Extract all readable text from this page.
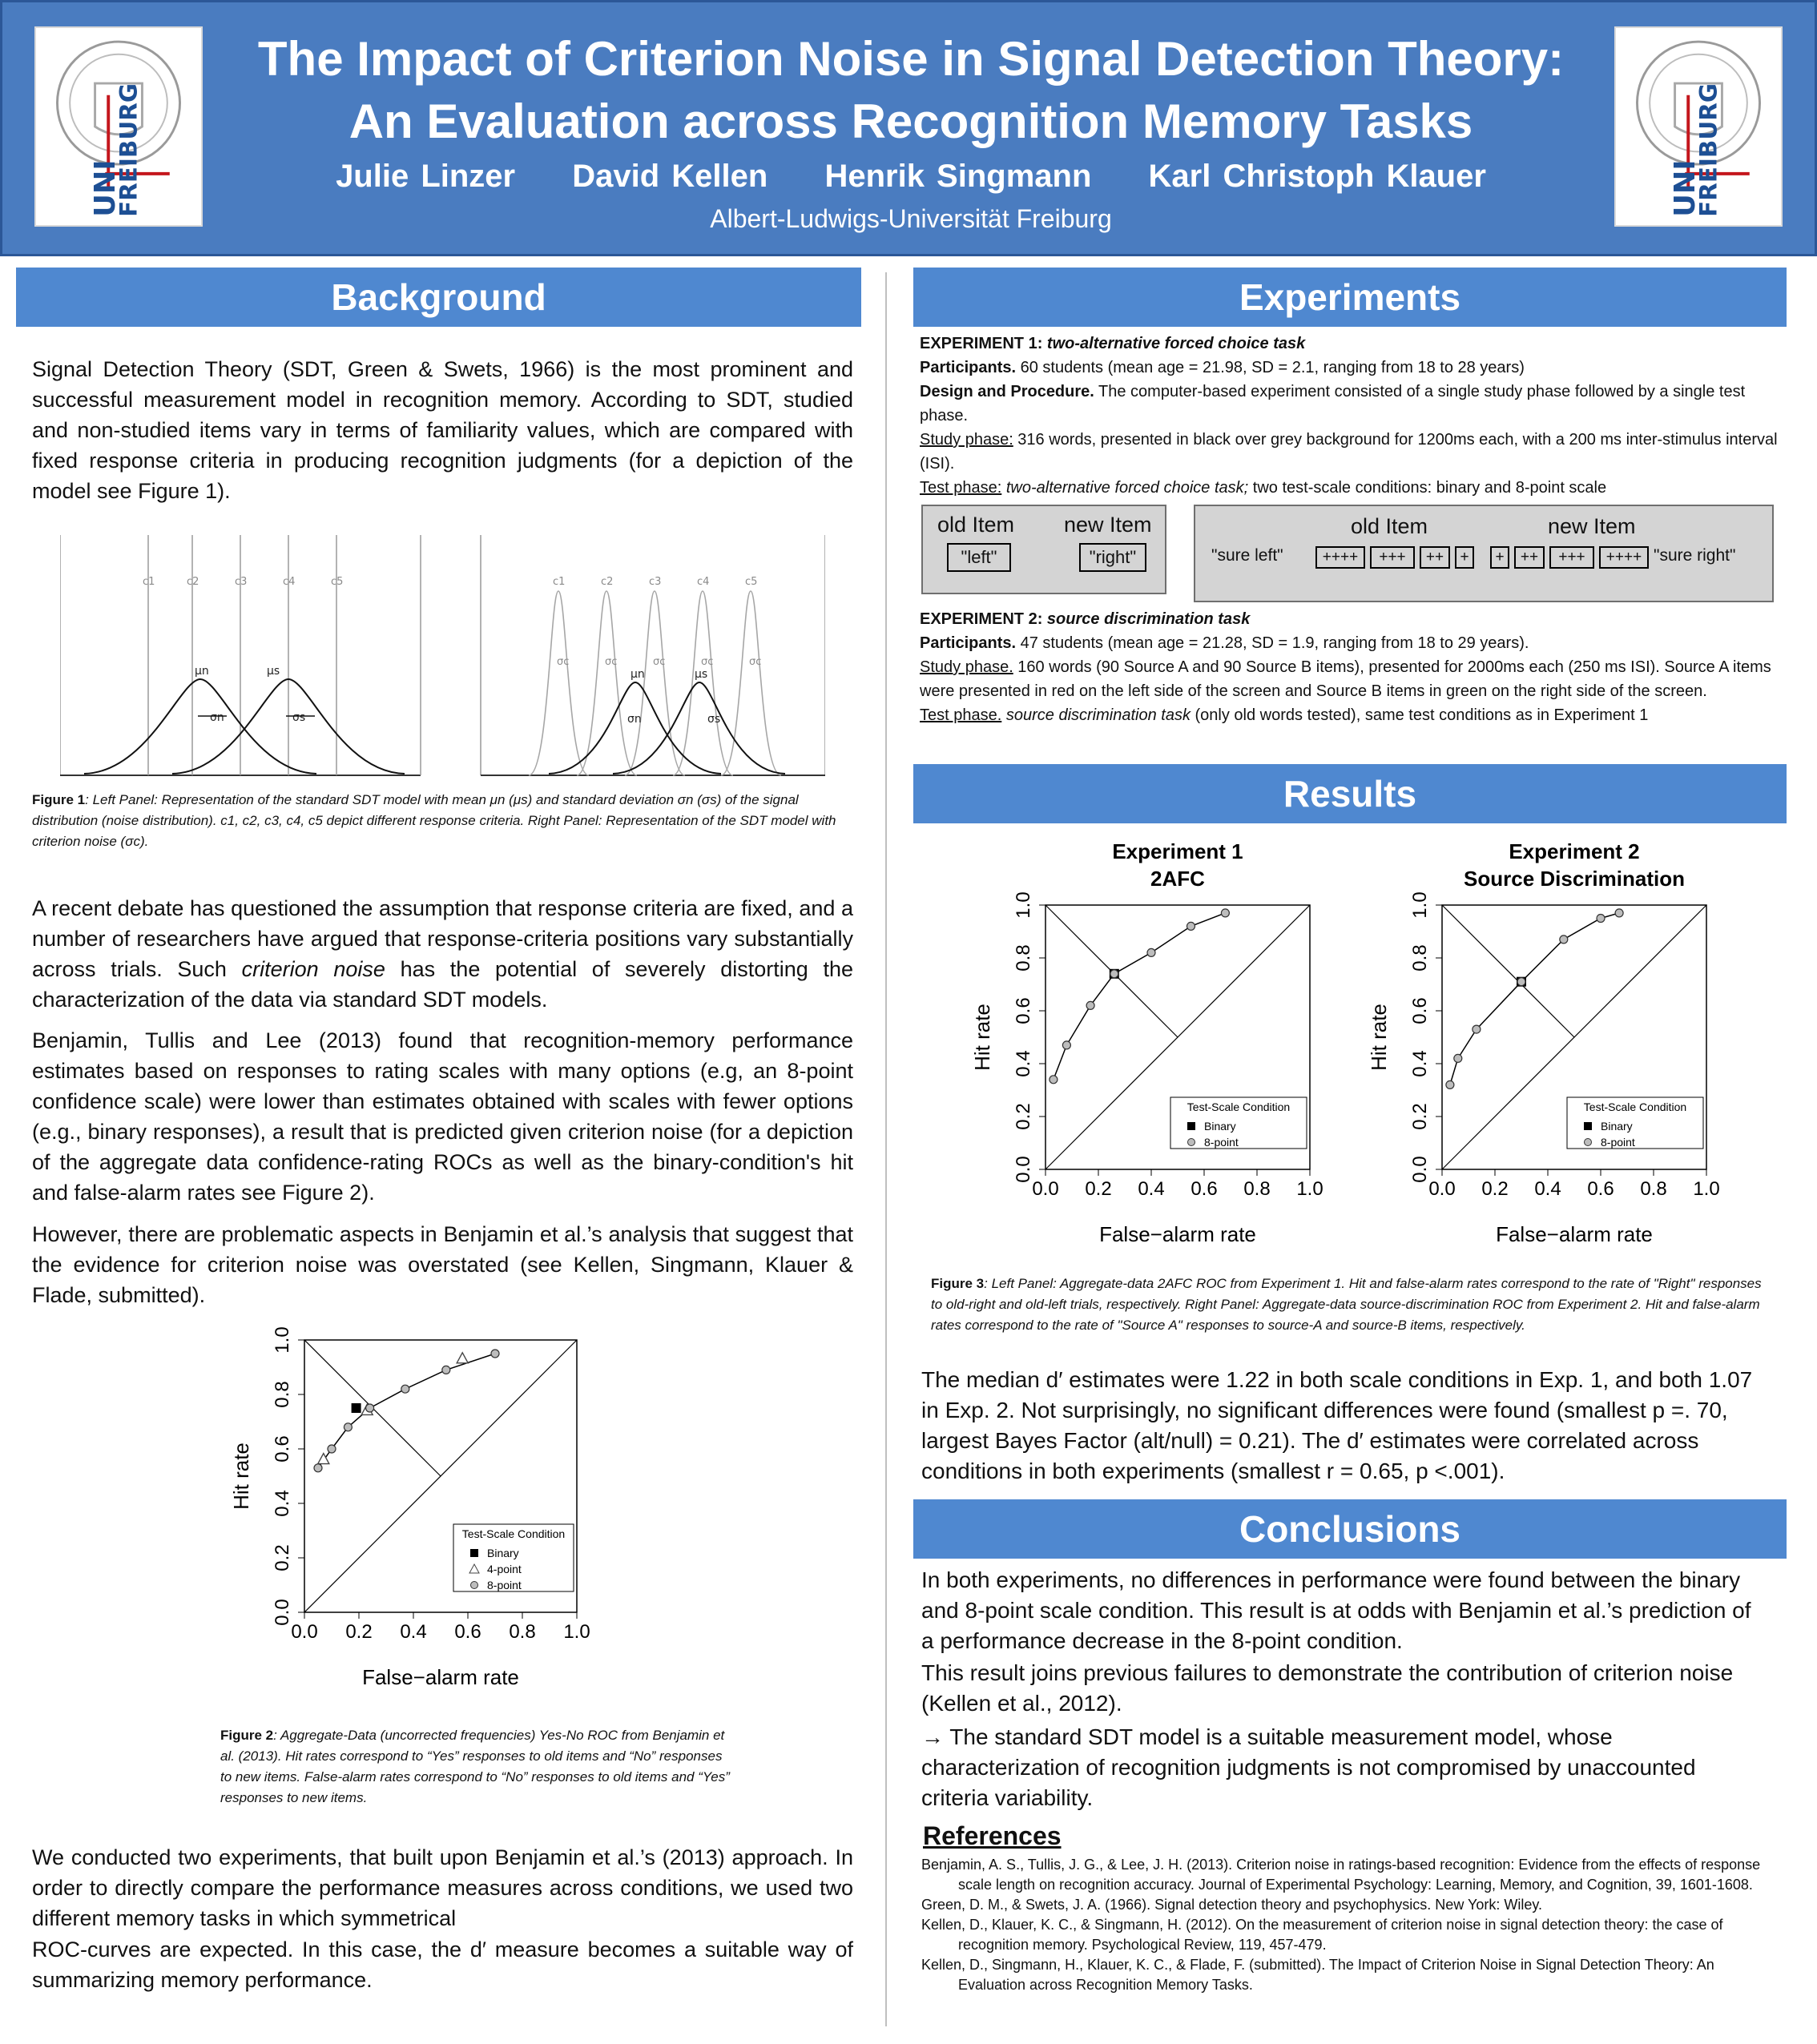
UNI
FREIBURG
The Impact of Criterion Noise in Signal Detection Theory:
An Evaluation across Recognition Memory Tasks
Julie Linzer David Kellen Henrik Singmann Karl Christoph Klauer
Albert-Ludwigs-Universität Freiburg
UNI
FREIBURG
Background
Signal Detection Theory (SDT, Green & Swets, 1966) is the most prominent and successful measurement model in recognition memory. According to SDT, studied and non-studied items vary in terms of familiarity values, which are compared with fixed response criteria in producing recognition judgments (for a depiction of the model see Figure 1).
c1	c2	c3	c4	c5
μn	μs
σn	σs
c1	c2	c3	c4	c5
σc	σc	σc	σc	σc
μn	μs
σn	σs
Figure 1: Left Panel: Representation of the standard SDT model with mean μn (μs) and standard deviation σn (σs) of the signal distribution (noise distribution). c1, c2, c3, c4, c5 depict different response criteria. Right Panel: Representation of the SDT model with criterion noise (σc).
A recent debate has questioned the assumption that response criteria are fixed, and a number of researchers have argued that response-criteria positions vary substantially across trials. Such criterion noise has the potential of severely distorting the characterization of the data via standard SDT models.
Benjamin, Tullis and Lee (2013) found that recognition-memory performance estimates based on responses to rating scales with many options (e.g, an 8-point confidence scale) were lower than estimates obtained with scales with fewer options (e.g., binary responses), a result that is predicted given criterion noise (for a depiction of the aggregate data confidence-rating ROCs as well as the binary-condition's hit and false-alarm rates see Figure 2).
However, there are problematic aspects in Benjamin et al.’s analysis that suggest that the evidence for criterion noise was overstated (see Kellen, Singmann, Klauer & Flade, submitted).
0.0
0.0
0.2
0.2
0.4
0.4
0.6
0.6
0.8
0.8
1.0
1.0
False−alarm rate
Hit rate
Test-Scale Condition
Binary
4-point
8-point
Figure 2: Aggregate-Data (uncorrected frequencies) Yes-No ROC from Benjamin et al. (2013). Hit rates correspond to “Yes” responses to old items and “No” responses to new items. False-alarm rates correspond to “No” responses to old items and “Yes” responses to new items.
We conducted two experiments, that built upon Benjamin et al.’s (2013) approach. In order to directly compare the performance measures across conditions, we used two different memory tasks in which symmetrical
ROC-curves are expected. In this case, the d′ measure becomes a suitable way of summarizing memory performance.
Experiments
EXPERIMENT 1: two-alternative forced choice task
Participants. 60 students (mean age = 21.98, SD = 2.1, ranging from 18 to 28 years)
Design and Procedure. The computer-based experiment consisted of a single study phase followed by a single test phase.
Study phase: 316 words, presented in black over grey background for 1200ms each, with a 200 ms inter-stimulus interval (ISI).
Test phase: two-alternative forced choice task; two test-scale conditions: binary and 8-point scale
old Item new Item
"left"	"right"
old Item	new Item
"sure left"	++++	+++	++	+	+	++	+++	++++ "sure right"
EXPERIMENT 2: source discrimination task
Participants. 47 students (mean age = 21.28, SD = 1.9, ranging from 18 to 29 years).
Study phase. 160 words (90 Source A and 90 Source B items), presented for 2000ms each (250 ms ISI). Source A items were presented in red on the left side of the screen and Source B items in green on the right side of the screen.
Test phase. source discrimination task (only old words tested), same test conditions as in Experiment 1
Results
Experiment 1
2AFC
0.0
0.0
0.2
0.2
0.4
0.4
0.6
0.6
0.8
0.8
1.0
1.0
False−alarm rate
Hit rate
Test-Scale Condition
Binary
8-point
Experiment 2
Source Discrimination
0.0
0.0
0.2
0.2
0.4
0.4
0.6
0.6
0.8
0.8
1.0
1.0
False−alarm rate
Hit rate
Test-Scale Condition
Binary
8-point
Figure 3: Left Panel: Aggregate-data 2AFC ROC from Experiment 1. Hit and false-alarm rates correspond to the rate of "Right" responses to old-right and old-left trials, respectively. Right Panel: Aggregate-data source-discrimination ROC from Experiment 2. Hit and false-alarm rates correspond to the rate of "Source A" responses to source-A and source-B items, respectively.
The median d′ estimates were 1.22 in both scale conditions in Exp. 1, and both 1.07 in Exp. 2. Not surprisingly, no significant differences were found (smallest p =. 70, largest Bayes Factor (alt/null) = 0.21). The d′ estimates were correlated across conditions in both experiments (smallest r = 0.65, p <.001).
Conclusions
In both experiments, no differences in performance were found between the binary and 8-point scale condition. This result is at odds with Benjamin et al.’s prediction of a performance decrease in the 8-point condition.
This result joins previous failures to demonstrate the contribution of criterion noise (Kellen et al., 2012).
→ The standard SDT model is a suitable measurement model, whose characterization of recognition judgments is not compromised by unaccounted criteria variability.
References
Benjamin, A. S., Tullis, J. G., & Lee, J. H. (2013). Criterion noise in ratings-based recognition: Evidence from the effects of response scale length on recognition accuracy. Journal of Experimental Psychology: Learning, Memory, and Cognition, 39, 1601-1608.
Green, D. M., & Swets, J. A. (1966). Signal detection theory and psychophysics. New York: Wiley.
Kellen, D., Klauer, K. C., & Singmann, H. (2012). On the measurement of criterion noise in signal detection theory: the case of recognition memory. Psychological Review, 119, 457-479.
Kellen, D., Singmann, H., Klauer, K. C., & Flade, F. (submitted). The Impact of Criterion Noise in Signal Detection Theory: An Evaluation across Recognition Memory Tasks.
